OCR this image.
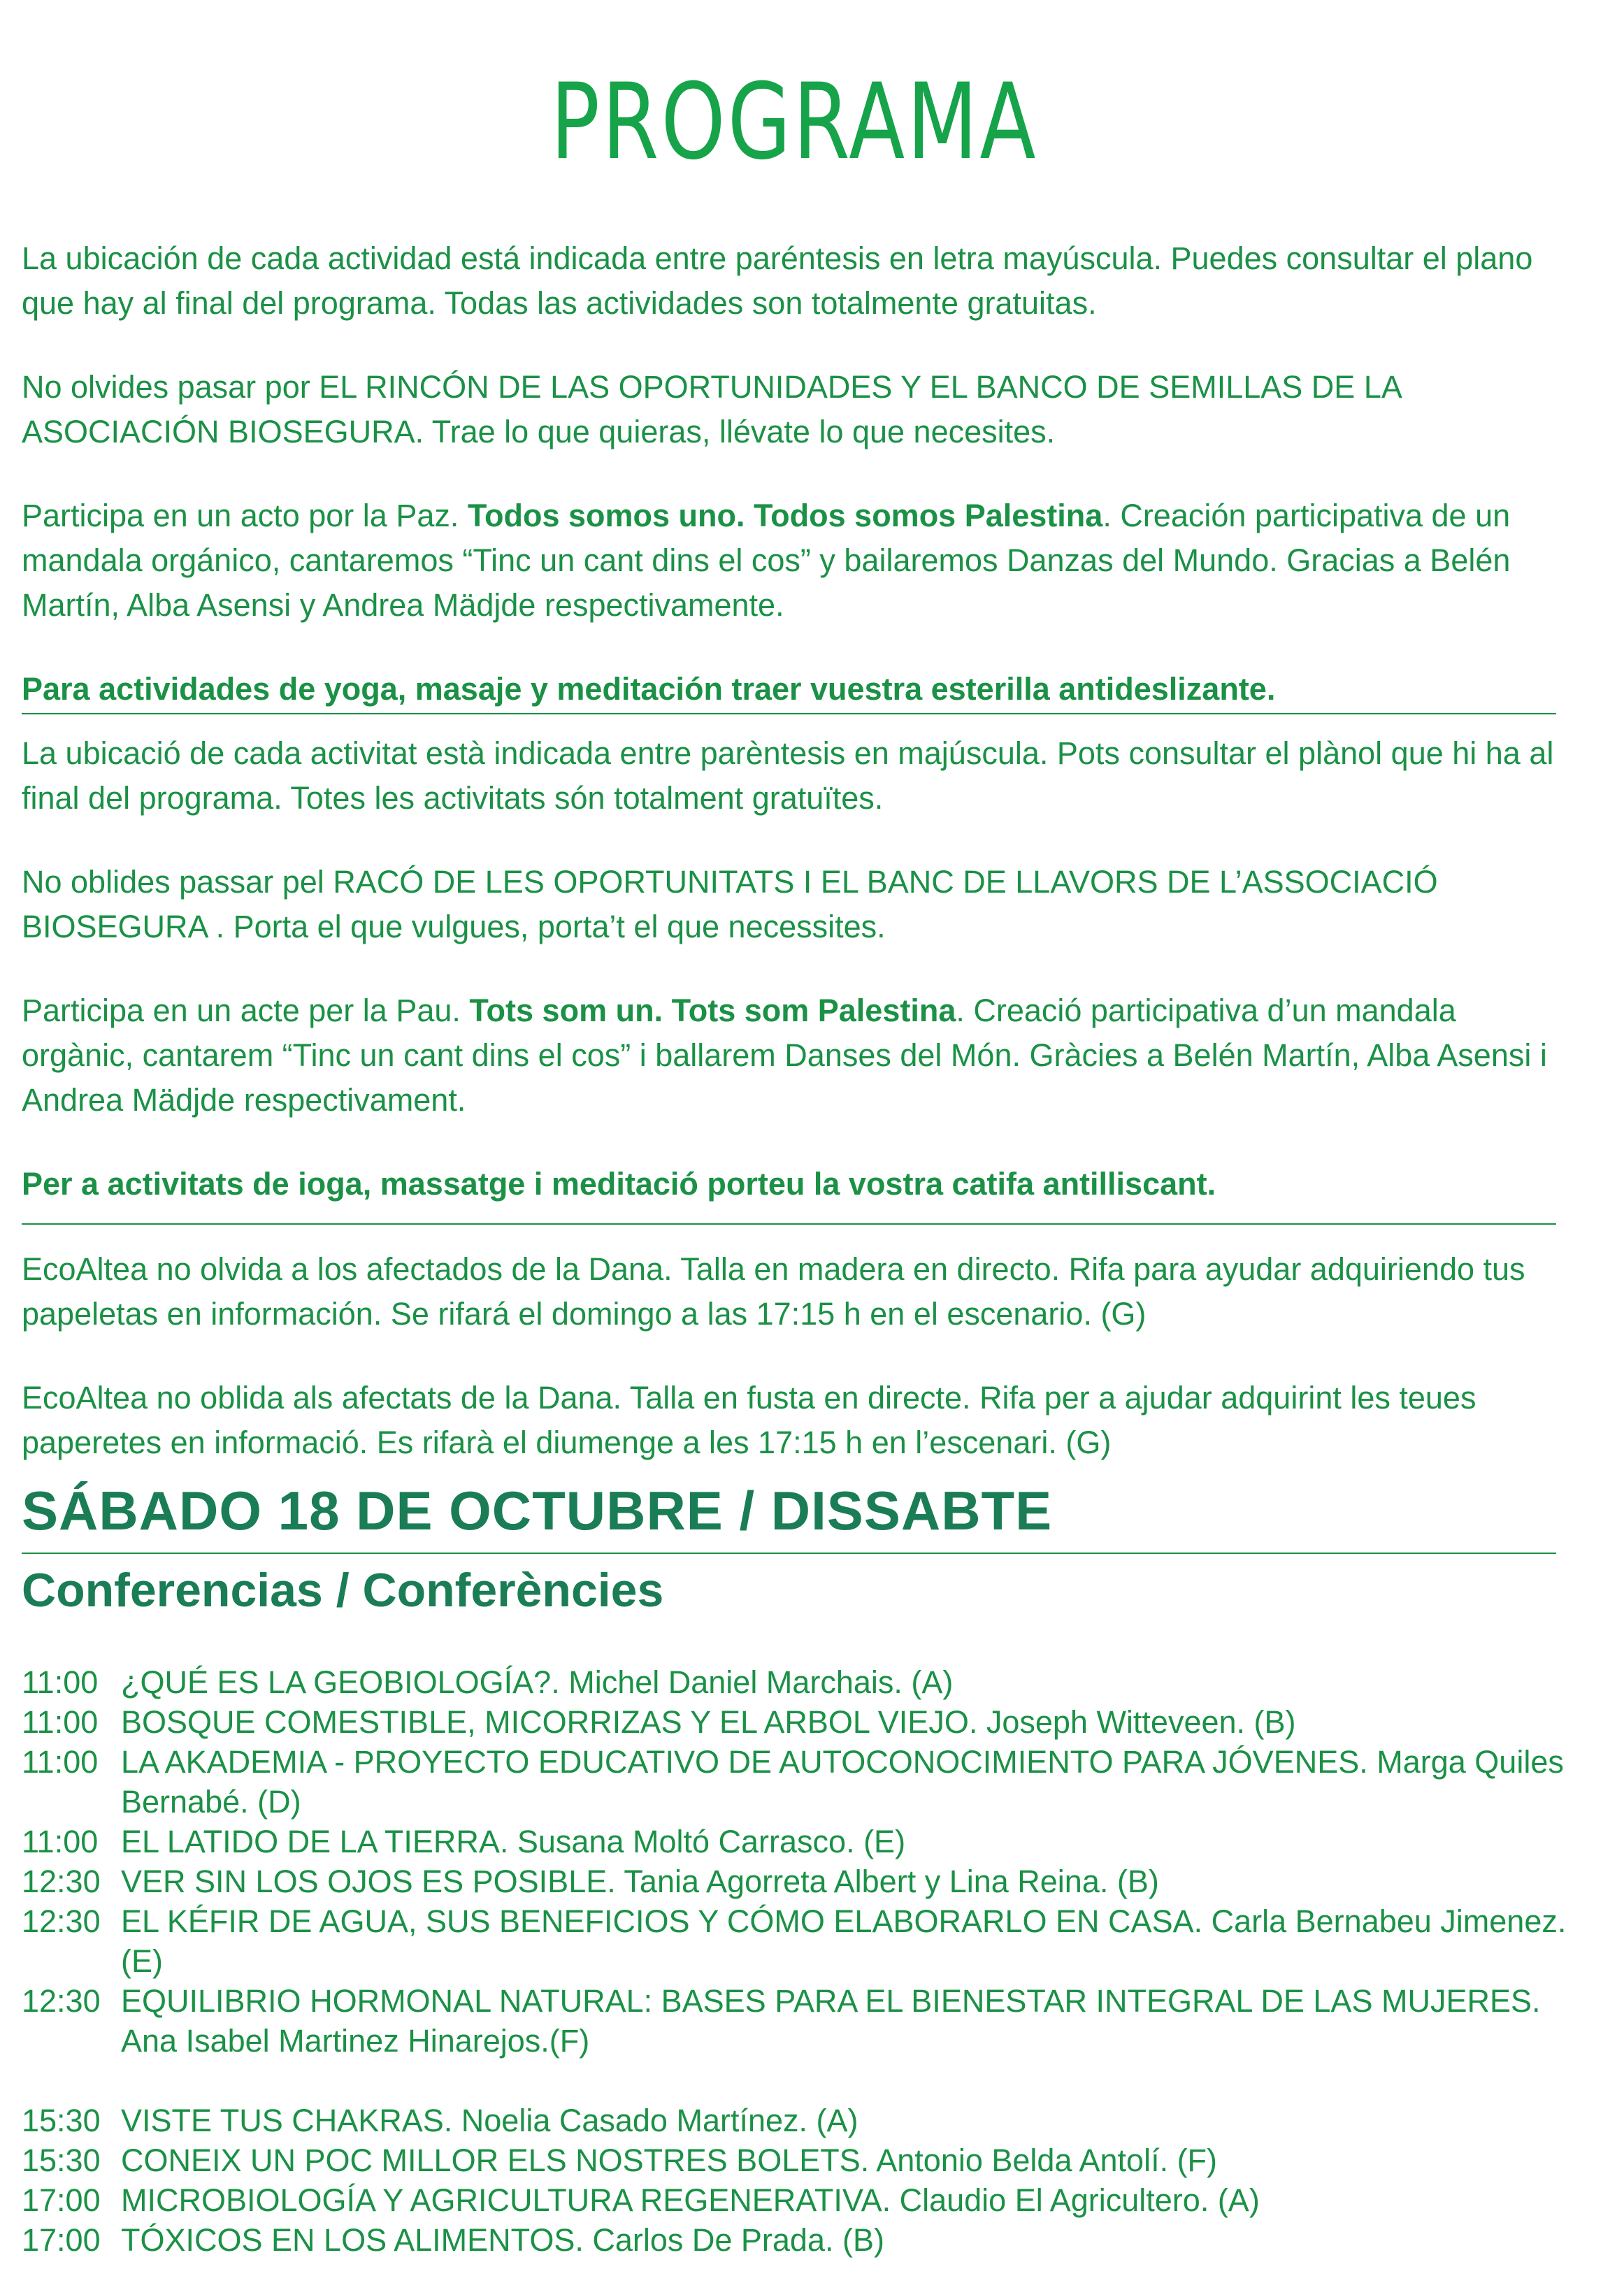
PROGRAMA

La ubicación de cada actividad está indicada entre paréntesis en letra mayúscula. Puedes consultar el plano que hay al final del programa. Todas las actividades son totalmente gratuitas.

No olvides pasar por EL RINCÓN DE LAS OPORTUNIDADES Y EL BANCO DE SEMILLAS DE LA ASOCIACIÓN BIOSEGURA. Trae lo que quieras, llévate lo que necesites.

Participa en un acto por la Paz. Todos somos uno. Todos somos Palestina. Creación participativa de un mandala orgánico, cantaremos “Tinc un cant dins el cos” y bailaremos Danzas del Mundo. Gracias a Belén Martín, Alba Asensi y Andrea Mädjde respectivamente.

Para actividades de yoga, masaje y meditación traer vuestra esterilla antideslizante.

La ubicació de cada activitat està indicada entre parèntesis en majúscula. Pots consultar el plànol que hi ha al final del programa. Totes les activitats són totalment gratuïtes.

No oblides passar pel RACÓ DE LES OPORTUNITATS I EL BANC DE LLAVORS DE L’ASSOCIACIÓ BIOSEGURA . Porta el que vulgues, porta’t el que necessites.

Participa en un acte per la Pau. Tots som un. Tots som Palestina. Creació participativa d’un mandala orgànic, cantarem “Tinc un cant dins el cos” i ballarem Danses del Món. Gràcies a Belén Martín, Alba Asensi i Andrea Mädjde respectivament.

Per a activitats de ioga, massatge i meditació porteu la vostra catifa antilliscant.

EcoAltea no olvida a los afectados de la Dana. Talla en madera en directo. Rifa para ayudar adquiriendo tus papeletas en información. Se rifará el domingo a las 17:15 h en el escenario. (G)

EcoAltea no oblida als afectats de la Dana. Talla en fusta en directe. Rifa per a ajudar adquirint les teues paperetes en informació. Es rifarà el diumenge a les 17:15 h en l’escenari. (G)

SÁBADO 18 DE OCTUBRE / DISSABTE
Conferencias / Conferències
11:00 ¿QUÉ ES LA GEOBIOLOGÍA?. Michel Daniel Marchais. (A)
11:00 BOSQUE COMESTIBLE, MICORRIZAS Y EL ARBOL VIEJO. Joseph Witteveen. (B)
11:00 LA AKADEMIA - PROYECTO EDUCATIVO DE AUTOCONOCIMIENTO PARA JÓVENES. Marga Quiles Bernabé. (D)
11:00 EL LATIDO DE LA TIERRA. Susana Moltó Carrasco. (E)
12:30 VER SIN LOS OJOS ES POSIBLE. Tania Agorreta Albert y Lina Reina. (B)
12:30 EL KÉFIR DE AGUA, SUS BENEFICIOS Y CÓMO ELABORARLO EN CASA. Carla Bernabeu Jimenez. (E)
12:30 EQUILIBRIO HORMONAL NATURAL: BASES PARA EL BIENESTAR INTEGRAL DE LAS MUJERES. Ana Isabel Martinez Hinarejos.(F)
15:30 VISTE TUS CHAKRAS. Noelia Casado Martínez. (A)
15:30 CONEIX UN POC MILLOR ELS NOSTRES BOLETS. Antonio Belda Antolí. (F)
17:00 MICROBIOLOGÍA Y AGRICULTURA REGENERATIVA. Claudio El Agricultero. (A)
17:00 TÓXICOS EN LOS ALIMENTOS. Carlos De Prada. (B)
